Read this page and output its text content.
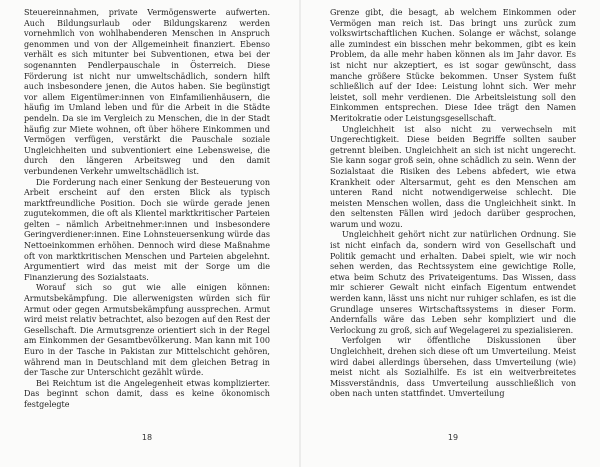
Steuereinnahmen, private Vermögenswerte aufwerten. Auch Bildungsurlaub oder Bildungskarenz werden vornehmlich von wohlhabenderen Menschen in Anspruch genommen und von der Allgemeinheit finanziert. Ebenso verhält es sich mitunter bei Subventionen, etwa bei der sogenannten Pendlerpauschale in Österreich. Diese Förderung ist nicht nur umweltschädlich, sondern hilft auch insbesondere jenen, die Autos haben. Sie begünstigt vor allem Eigentümer:innen von Einfamilienhäusern, die häufig im Umland leben und für die Arbeit in die Städte pendeln. Da sie im Vergleich zu Menschen, die in der Stadt häufig zur Miete wohnen, oft über höhere Einkommen und Vermögen verfügen, verstärkt die Pauschale soziale Ungleichheiten und subventioniert eine Lebensweise, die durch den längeren Arbeitsweg und den damit verbundenen Verkehr umweltschädlich ist.

Die Forderung nach einer Senkung der Besteuerung von Arbeit erscheint auf den ersten Blick als typisch marktfreundliche Position. Doch sie würde gerade jenen zugutekommen, die oft als Klientel marktkritischer Parteien gelten – nämlich Arbeitnehmer:innen und insbesondere Geringverdiener:innen. Eine Lohnsteuersenkung würde das Nettoeinkommen erhöhen. Dennoch wird diese Maßnahme oft von marktkritischen Menschen und Parteien abgelehnt. Argumentiert wird das meist mit der Sorge um die Finanzierung des Sozialstaats.

Worauf sich so gut wie alle einigen können: Armutsbekämpfung. Die allerwenigsten würden sich für Armut oder gegen Armutsbekämpfung aussprechen. Armut wird meist relativ betrachtet, also bezogen auf den Rest der Gesellschaft. Die Armutsgrenze orientiert sich in der Regel am Einkommen der Gesamtbevölkerung. Man kann mit 100 Euro in der Tasche in Pakistan zur Mittelschicht gehören, während man in Deutschland mit dem gleichen Betrag in der Tasche zur Unterschicht gezählt würde.

Bei Reichtum ist die Angelegenheit etwas komplizierter. Das beginnt schon damit, dass es keine ökonomisch festgelegte

18

Grenze gibt, die besagt, ab welchem Einkommen oder Vermögen man reich ist. Das bringt uns zurück zum volkswirtschaftlichen Kuchen. Solange er wächst, solange alle zumindest ein bisschen mehr bekommen, gibt es kein Problem, da alle mehr haben können als im Jahr davor. Es ist nicht nur akzeptiert, es ist sogar gewünscht, dass manche größere Stücke bekommen. Unser System fußt schließlich auf der Idee: Leistung lohnt sich. Wer mehr leistet, soll mehr verdienen. Die Arbeitsleistung soll den Einkommen entsprechen. Diese Idee trägt den Namen Meritokratie oder Leistungsgesellschaft.

Ungleichheit ist also nicht zu verwechseln mit Ungerechtigkeit. Diese beiden Begriffe sollten sauber getrennt bleiben. Ungleichheit an sich ist nicht ungerecht. Sie kann sogar groß sein, ohne schädlich zu sein. Wenn der Sozialstaat die Risiken des Lebens abfedert, wie etwa Krankheit oder Altersarmut, geht es den Menschen am unteren Rand nicht notwendigerweise schlecht. Die meisten Menschen wollen, dass die Ungleichheit sinkt. In den seltensten Fällen wird jedoch darüber gesprochen, warum und wozu.

Ungleichheit gehört nicht zur natürlichen Ordnung. Sie ist nicht einfach da, sondern wird von Gesellschaft und Politik gemacht und erhalten. Dabei spielt, wie wir noch sehen werden, das Rechtssystem eine gewichtige Rolle, etwa beim Schutz des Privateigentums. Das Wissen, dass mir schierer Gewalt nicht einfach Eigentum entwendet werden kann, lässt uns nicht nur ruhiger schlafen, es ist die Grundlage unseres Wirtschaftssystems in dieser Form. Andernfalls wäre das Leben sehr kompliziert und die Verlockung zu groß, sich auf Wegelagerei zu spezialisieren.

Verfolgen wir öffentliche Diskussionen über Ungleichheit, drehen sich diese oft um Umverteilung. Meist wird dabei allerdings übersehen, dass Umverteilung (wie) meist nicht als Sozialhilfe. Es ist ein weitverbreitetes Missverständnis, dass Umverteilung ausschließlich von oben nach unten stattfindet. Umverteilung

19
